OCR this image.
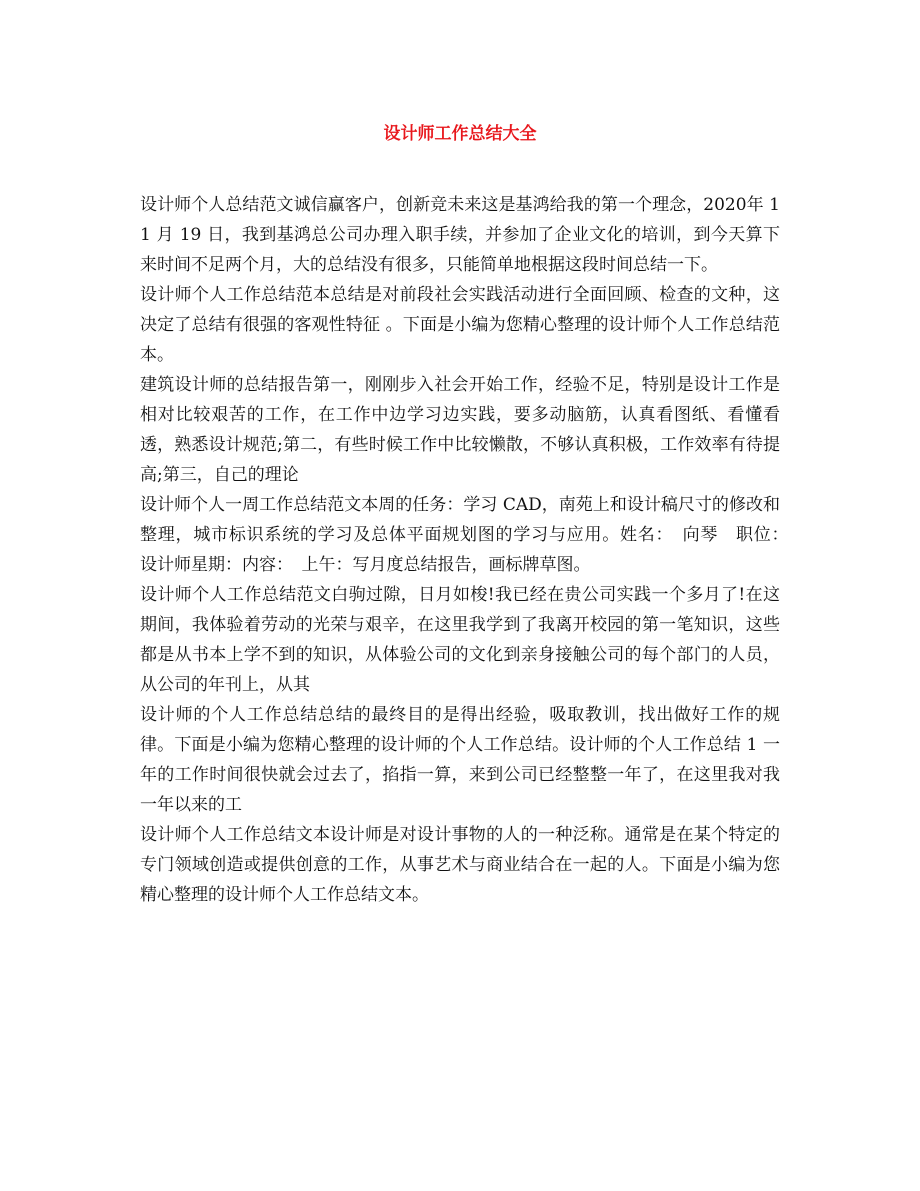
设计师工作总结大全

设计师个人总结范文诚信赢客户，创新竞未来这是基鸿给我的第一个理念，2020年 11 月 19 日，我到基鸿总公司办理入职手续，并参加了企业文化的培训，到今天算下来时间不足两个月，大的总结没有很多，只能简单地根据这段时间总结一下。

设计师个人工作总结范本总结是对前段社会实践活动进行全面回顾、检查的文种，这决定了总结有很强的客观性特征 。下面是小编为您精心整理的设计师个人工作总结范本。

建筑设计师的总结报告第一，刚刚步入社会开始工作，经验不足，特别是设计工作是相对比较艰苦的工作，在工作中边学习边实践，要多动脑筋，认真看图纸、看懂看透，熟悉设计规范;第二，有些时候工作中比较懒散，不够认真积极，工作效率有待提高;第三，自己的理论

设计师个人一周工作总结范文本周的任务：学习 CAD，南苑上和设计稿尺寸的修改和整理，城市标识系统的学习及总体平面规划图的学习与应用。姓名：　向琴　职位：　设计师星期：内容：　上午：写月度总结报告，画标牌草图。

设计师个人工作总结范文白驹过隙，日月如梭!我已经在贵公司实践一个多月了!在这期间，我体验着劳动的光荣与艰辛，在这里我学到了我离开校园的第一笔知识，这些都是从书本上学不到的知识，从体验公司的文化到亲身接触公司的每个部门的人员，从公司的年刊上，从其

设计师的个人工作总结总结的最终目的是得出经验，吸取教训，找出做好工作的规律。下面是小编为您精心整理的设计师的个人工作总结。设计师的个人工作总结 1 一年的工作时间很快就会过去了，掐指一算，来到公司已经整整一年了，在这里我对我一年以来的工

设计师个人工作总结文本设计师是对设计事物的人的一种泛称。通常是在某个特定的专门领域创造或提供创意的工作，从事艺术与商业结合在一起的人。下面是小编为您精心整理的设计师个人工作总结文本。
